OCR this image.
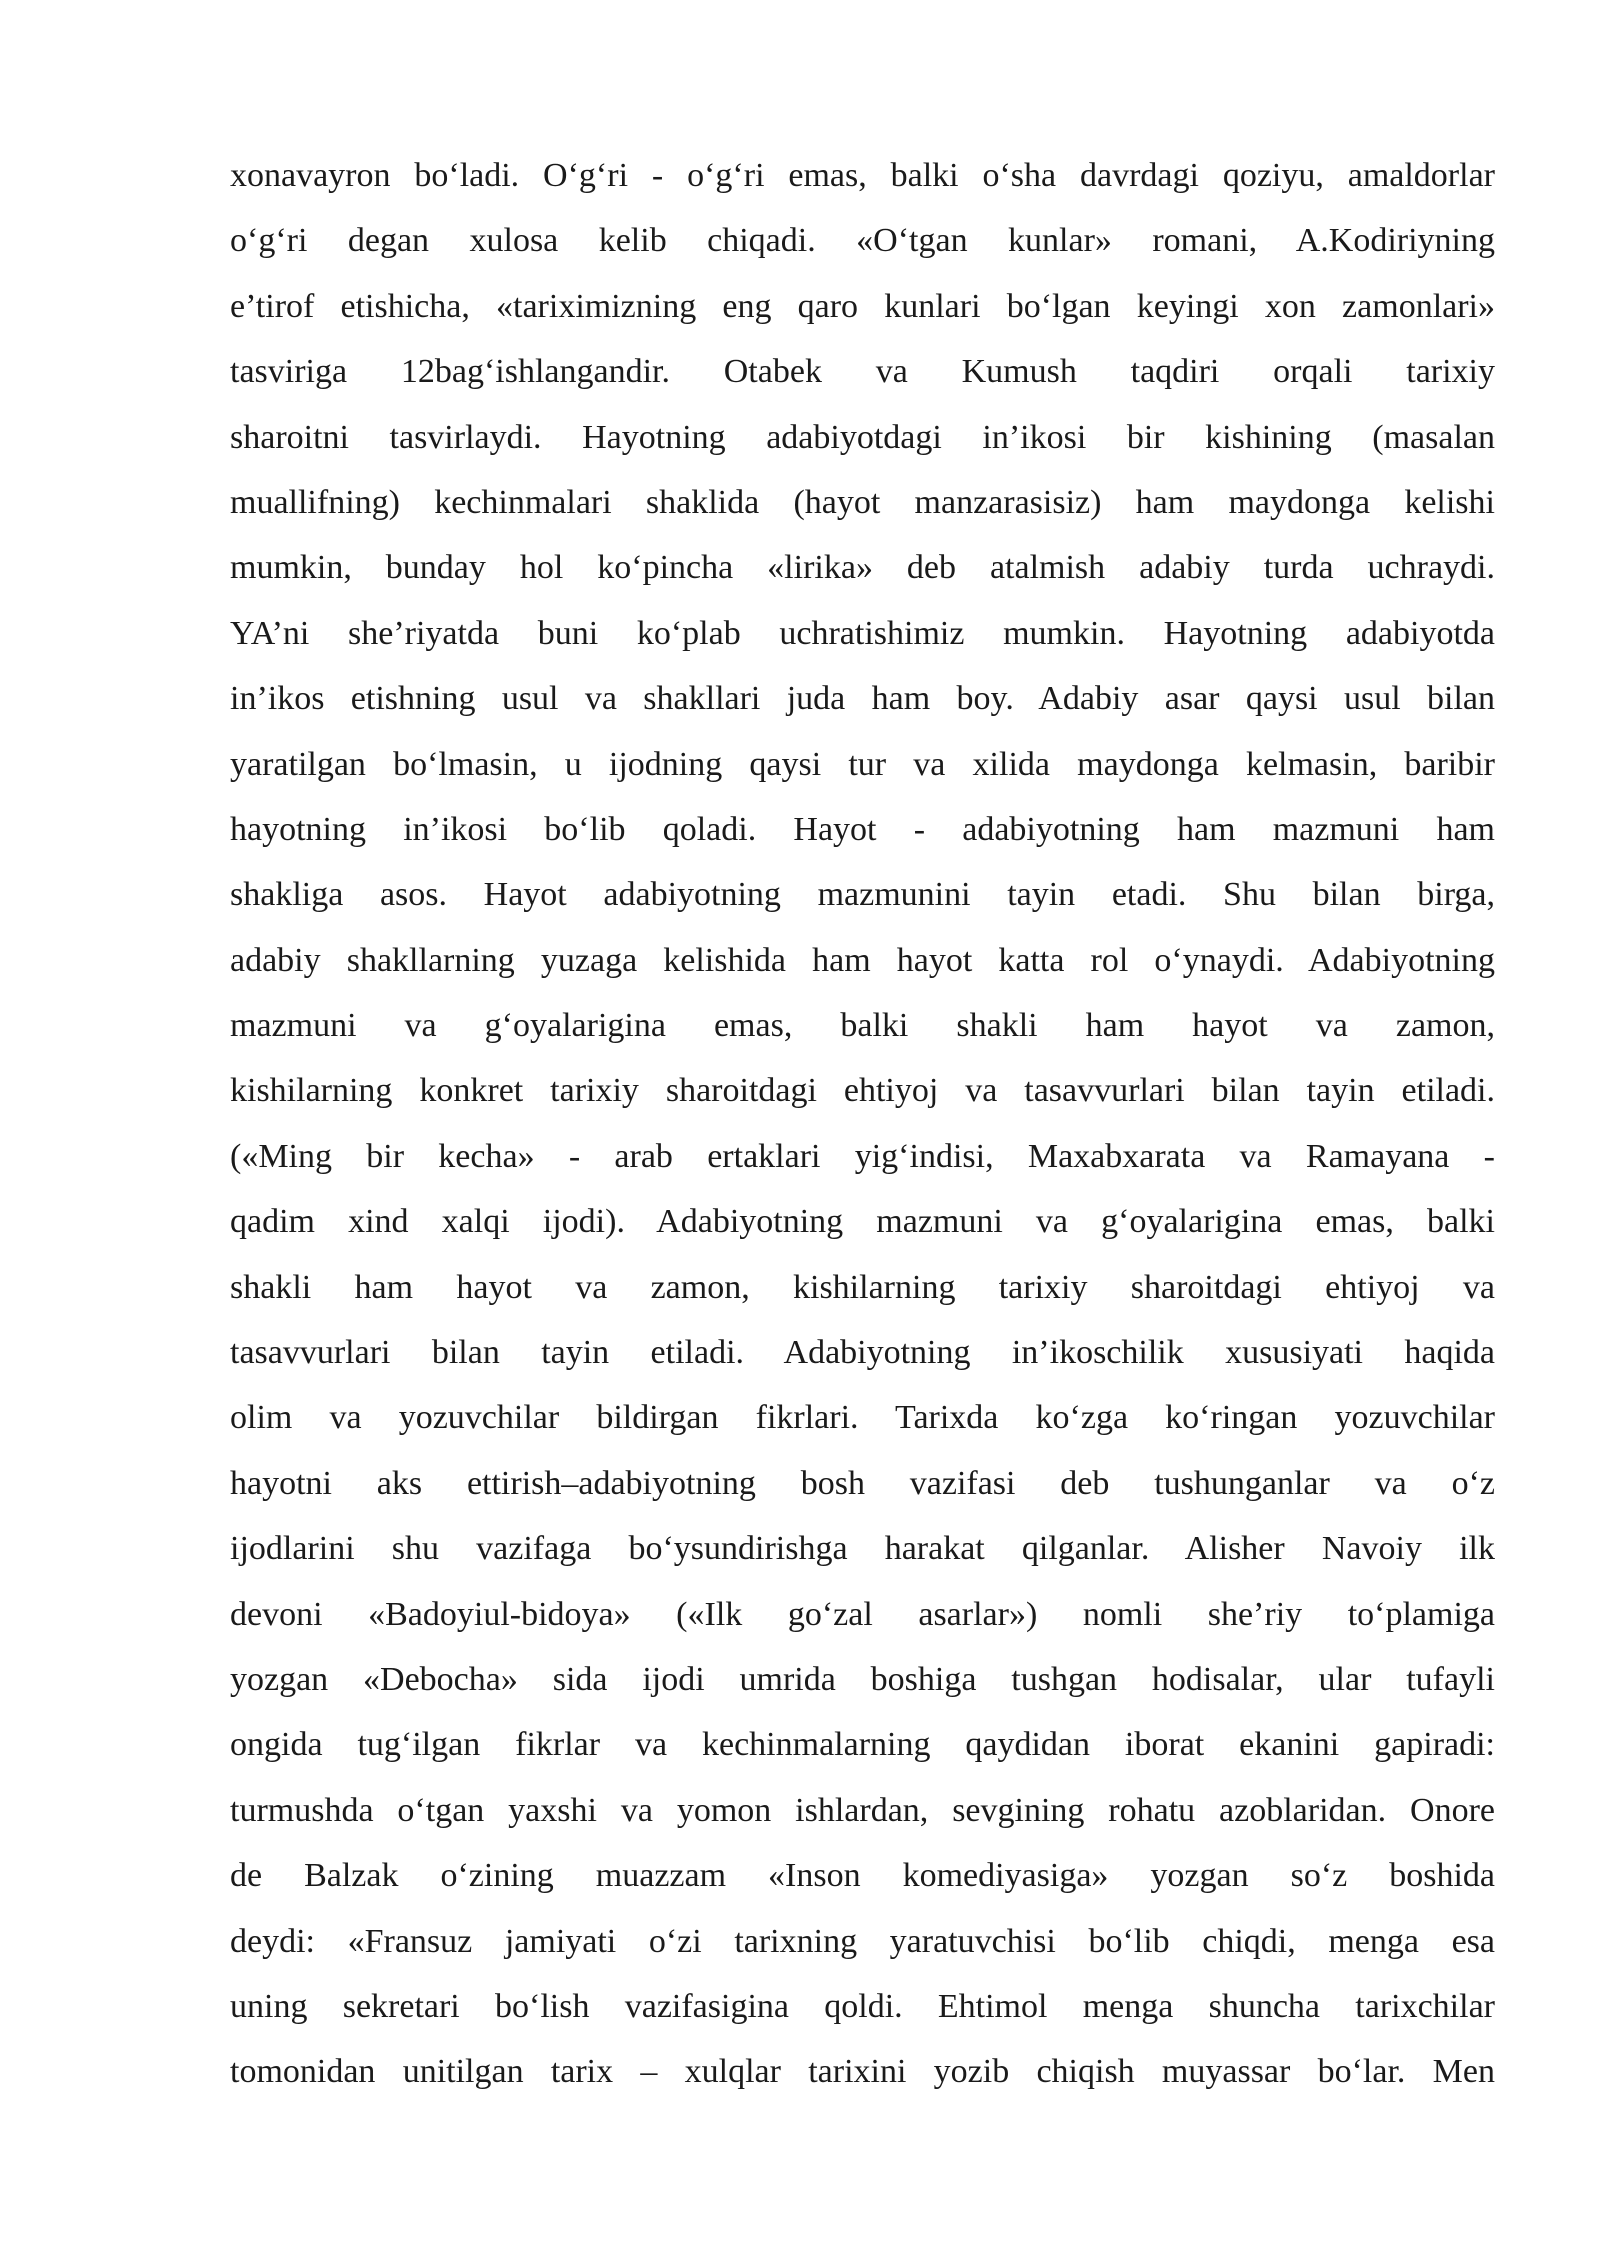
xonavayron bo‘ladi. O‘g‘ri - o‘g‘ri emas, balki o‘sha davrdagi qoziyu, amaldorlar
o‘g‘ri degan xulosa kelib chiqadi. «O‘tgan kunlar» romani, A.Kodiriyning
e’tirof etishicha, «tariximizning eng qaro kunlari bo‘lgan keyingi xon zamonlari»
tasviriga 12bag‘ishlangandir. Otabek va Kumush taqdiri orqali tarixiy
sharoitni tasvirlaydi. Hayotning adabiyotdagi in’ikosi bir kishining (masalan
muallifning) kechinmalari shaklida (hayot manzarasisiz) ham maydonga kelishi
mumkin, bunday hol ko‘pincha «lirika» deb atalmish adabiy turda uchraydi.
YA’ni she’riyatda buni ko‘plab uchratishimiz mumkin. Hayotning adabiyotda
in’ikos etishning usul va shakllari juda ham boy. Adabiy asar qaysi usul bilan
yaratilgan bo‘lmasin, u ijodning qaysi tur va xilida maydonga kelmasin, baribir
hayotning in’ikosi bo‘lib qoladi. Hayot - adabiyotning ham mazmuni ham
shakliga asos. Hayot adabiyotning mazmunini tayin etadi. Shu bilan birga,
adabiy shakllarning yuzaga kelishida ham hayot katta rol o‘ynaydi. Adabiyotning
mazmuni va g‘oyalarigina emas, balki shakli ham hayot va zamon,
kishilarning konkret tarixiy sharoitdagi ehtiyoj va tasavvurlari bilan tayin etiladi.
(«Ming bir kecha» - arab ertaklari yig‘indisi, Maxabxarata va Ramayana -
qadim xind xalqi ijodi). Adabiyotning mazmuni va g‘oyalarigina emas, balki
shakli ham hayot va zamon, kishilarning tarixiy sharoitdagi ehtiyoj va
tasavvurlari bilan tayin etiladi. Adabiyotning in’ikoschilik xususiyati haqida
olim va yozuvchilar bildirgan fikrlari. Tarixda ko‘zga ko‘ringan yozuvchilar
hayotni aks ettirish–adabiyotning bosh vazifasi deb tushunganlar va o‘z
ijodlarini shu vazifaga bo‘ysundirishga harakat qilganlar. Alisher Navoiy ilk
devoni «Badoyiul-bidoya» («Ilk go‘zal asarlar») nomli she’riy to‘plamiga
yozgan «Debocha» sida ijodi umrida boshiga tushgan hodisalar, ular tufayli
ongida tug‘ilgan fikrlar va kechinmalarning qaydidan iborat ekanini gapiradi:
turmushda o‘tgan yaxshi va yomon ishlardan, sevgining rohatu azoblaridan. Onore
de Balzak o‘zining muazzam «Inson komediyasiga» yozgan so‘z boshida
deydi: «Fransuz jamiyati o‘zi tarixning yaratuvchisi bo‘lib chiqdi, menga esa
uning sekretari bo‘lish vazifasigina qoldi. Ehtimol menga shuncha tarixchilar
tomonidan unitilgan tarix – xulqlar tarixini yozib chiqish muyassar bo‘lar. Men
